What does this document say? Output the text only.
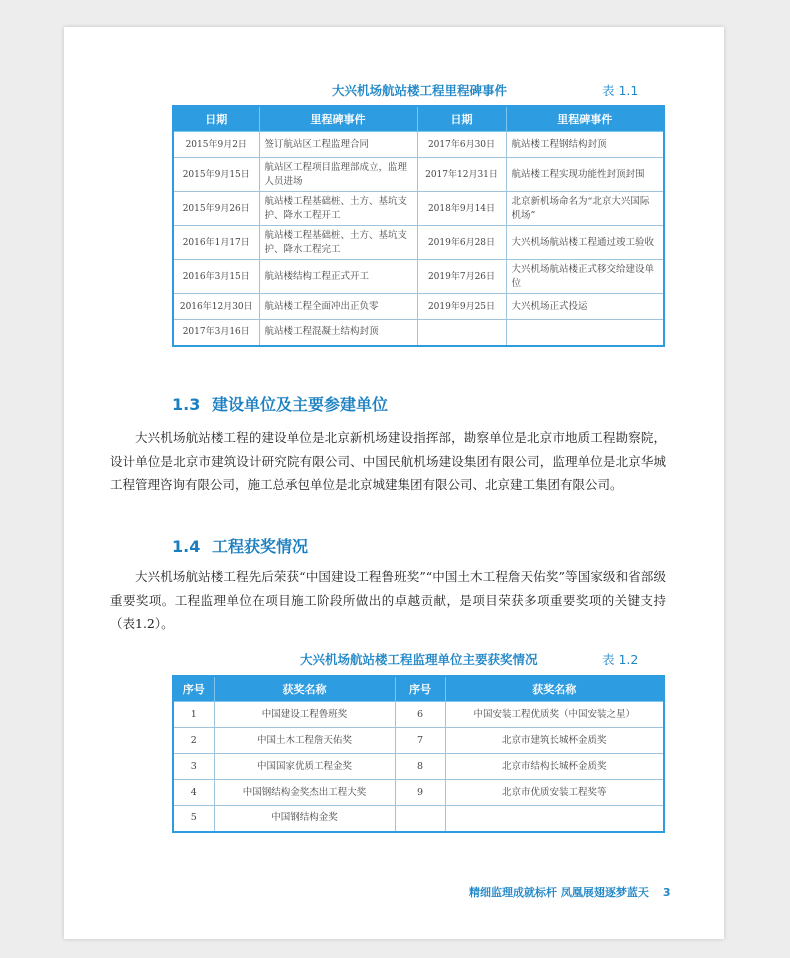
大兴机场航站楼工程里程碑事件	表 1.1
日期	里程碑事件	日期	里程碑事件
2015年9月2日	签订航站区工程监理合同	2017年6月30日	航站楼工程钢结构封顶
2015年9月15日	航站区工程项目监理部成立，监理人员进场	2017年12月31日	航站楼工程实现功能性封顶封围
2015年9月26日	航站楼工程基础桩、土方、基坑支护、降水工程开工	2018年9月14日	北京新机场命名为“北京大兴国际机场”
2016年1月17日	航站楼工程基础桩、土方、基坑支护、降水工程完工	2019年6月28日	大兴机场航站楼工程通过竣工验收
2016年3月15日	航站楼结构工程正式开工	2019年7月26日	大兴机场航站楼正式移交给建设单位
2016年12月30日	航站楼工程全面冲出正负零	2019年9月25日	大兴机场正式投运
2017年3月16日	航站楼工程混凝土结构封顶		
1.3 建设单位及主要参建单位

大兴机场航站楼工程的建设单位是北京新机场建设指挥部，勘察单位是北京市地质工程勘察院，设计单位是北京市建筑设计研究院有限公司、中国民航机场建设集团有限公司，监理单位是北京华城工程管理咨询有限公司，施工总承包单位是北京城建集团有限公司、北京建工集团有限公司。

1.4 工程获奖情况

大兴机场航站楼工程先后荣获“中国建设工程鲁班奖”“中国土木工程詹天佑奖”等国家级和省部级重要奖项。工程监理单位在项目施工阶段所做出的卓越贡献，是项目荣获多项重要奖项的关键支持（表1.2）。

大兴机场航站楼工程监理单位主要获奖情况	表 1.2
序号	获奖名称	序号	获奖名称
1	中国建设工程鲁班奖	6	中国安装工程优质奖（中国安装之星）
2	中国土木工程詹天佑奖	7	北京市建筑长城杯金质奖
3	中国国家优质工程金奖	8	北京市结构长城杯金质奖
4	中国钢结构金奖杰出工程大奖	9	北京市优质安装工程奖等
5	中国钢结构金奖		
精细监理成就标杆 凤凰展翅逐梦蓝天 3
